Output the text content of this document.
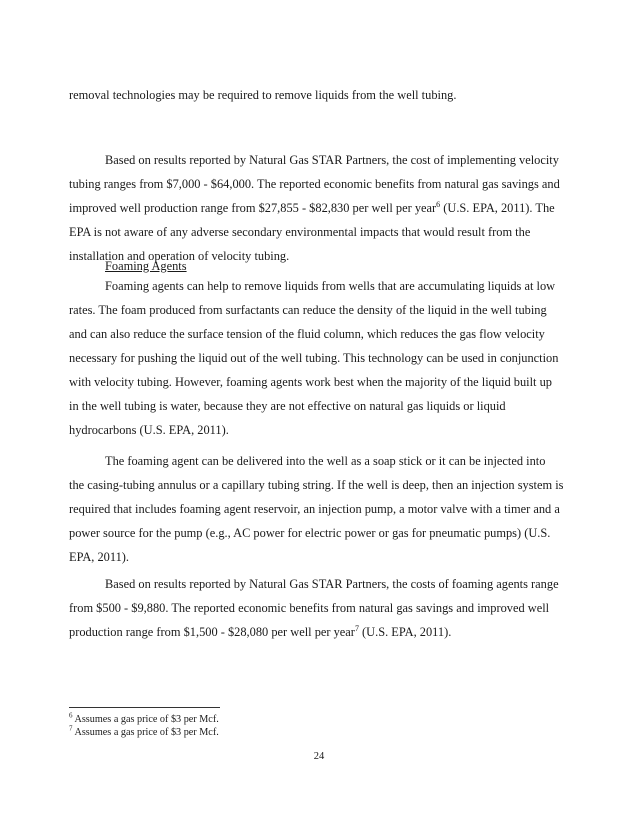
removal technologies may be required to remove liquids from the well tubing.
Based on results reported by Natural Gas STAR Partners, the cost of implementing velocity
tubing ranges from $7,000 - $64,000. The reported economic benefits from natural gas savings and
improved well production range from $27,855 - $82,830 per well per year$^6$ (U.S. EPA, 2011). The
EPA is not aware of any adverse secondary environmental impacts that would result from the
installation and operation of velocity tubing.
Foaming Agents
Foaming agents can help to remove liquids from wells that are accumulating liquids at low
rates. The foam produced from surfactants can reduce the density of the liquid in the well tubing
and can also reduce the surface tension of the fluid column, which reduces the gas flow velocity
necessary for pushing the liquid out of the well tubing. This technology can be used in conjunction
with velocity tubing. However, foaming agents work best when the majority of the liquid built up
in the well tubing is water, because they are not effective on natural gas liquids or liquid
hydrocarbons (U.S. EPA, 2011).
The foaming agent can be delivered into the well as a soap stick or it can be injected into
the casing-tubing annulus or a capillary tubing string. If the well is deep, then an injection system is
required that includes foaming agent reservoir, an injection pump, a motor valve with a timer and a
power source for the pump (e.g., AC power for electric power or gas for pneumatic pumps) (U.S.
EPA, 2011).
Based on results reported by Natural Gas STAR Partners, the costs of foaming agents range
from $500 - $9,880. The reported economic benefits from natural gas savings and improved well
production range from $1,500 - $28,080 per well per year$^7$ (U.S. EPA, 2011).
$^6$ Assumes a gas price of $3 per Mcf.
$^7$ Assumes a gas price of $3 per Mcf.
24
